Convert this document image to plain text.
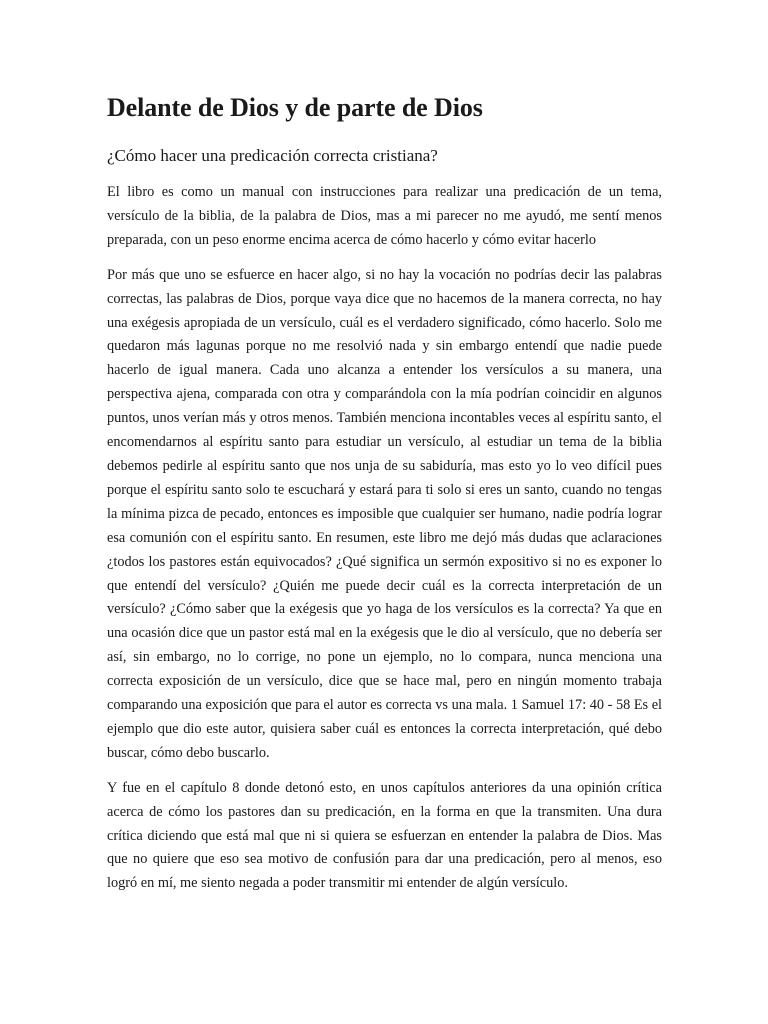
Delante de Dios y de parte de Dios
¿Cómo hacer una predicación correcta cristiana?

El libro es como un manual con instrucciones para realizar una predicación de un tema, versículo de la biblia, de la palabra de Dios, mas a mi parecer no me ayudó, me sentí menos preparada, con un peso enorme encima acerca de cómo hacerlo y cómo evitar hacerlo

Por más que uno se esfuerce en hacer algo, si no hay la vocación no podrías decir las palabras correctas, las palabras de Dios, porque vaya dice que no hacemos de la manera correcta, no hay una exégesis apropiada de un versículo, cuál es el verdadero significado, cómo hacerlo. Solo me quedaron más lagunas porque no me resolvió nada y sin embargo entendí que nadie puede hacerlo de igual manera. Cada uno alcanza a entender los versículos a su manera, una perspectiva ajena, comparada con otra y comparándola con la mía podrían coincidir en algunos puntos, unos verían más y otros menos. También menciona incontables veces al espíritu santo, el encomendarnos al espíritu santo para estudiar un versículo, al estudiar un tema de la biblia debemos pedirle al espíritu santo que nos unja de su sabiduría, mas esto yo lo veo difícil pues porque el espíritu santo solo te escuchará y estará para ti solo si eres un santo, cuando no tengas la mínima pizca de pecado, entonces es imposible que cualquier ser humano, nadie podría lograr esa comunión con el espíritu santo. En resumen, este libro me dejó más dudas que aclaraciones ¿todos los pastores están equivocados? ¿Qué significa un sermón expositivo si no es exponer lo que entendí del versículo? ¿Quién me puede decir cuál es la correcta interpretación de un versículo? ¿Cómo saber que la exégesis que yo haga de los versículos es la correcta? Ya que en una ocasión dice que un pastor está mal en la exégesis que le dio al versículo, que no debería ser así, sin embargo, no lo corrige, no pone un ejemplo, no lo compara, nunca menciona una correcta exposición de un versículo, dice que se hace mal, pero en ningún momento trabaja comparando una exposición que para el autor es correcta vs una mala. 1 Samuel 17: 40 - 58 Es el ejemplo que dio este autor, quisiera saber cuál es entonces la correcta interpretación, qué debo buscar, cómo debo buscarlo.

Y fue en el capítulo 8 donde detonó esto, en unos capítulos anteriores da una opinión crítica acerca de cómo los pastores dan su predicación, en la forma en que la transmiten. Una dura crítica diciendo que está mal que ni si quiera se esfuerzan en entender la palabra de Dios. Mas que no quiere que eso sea motivo de confusión para dar una predicación, pero al menos, eso logró en mí, me siento negada a poder transmitir mi entender de algún versículo.
